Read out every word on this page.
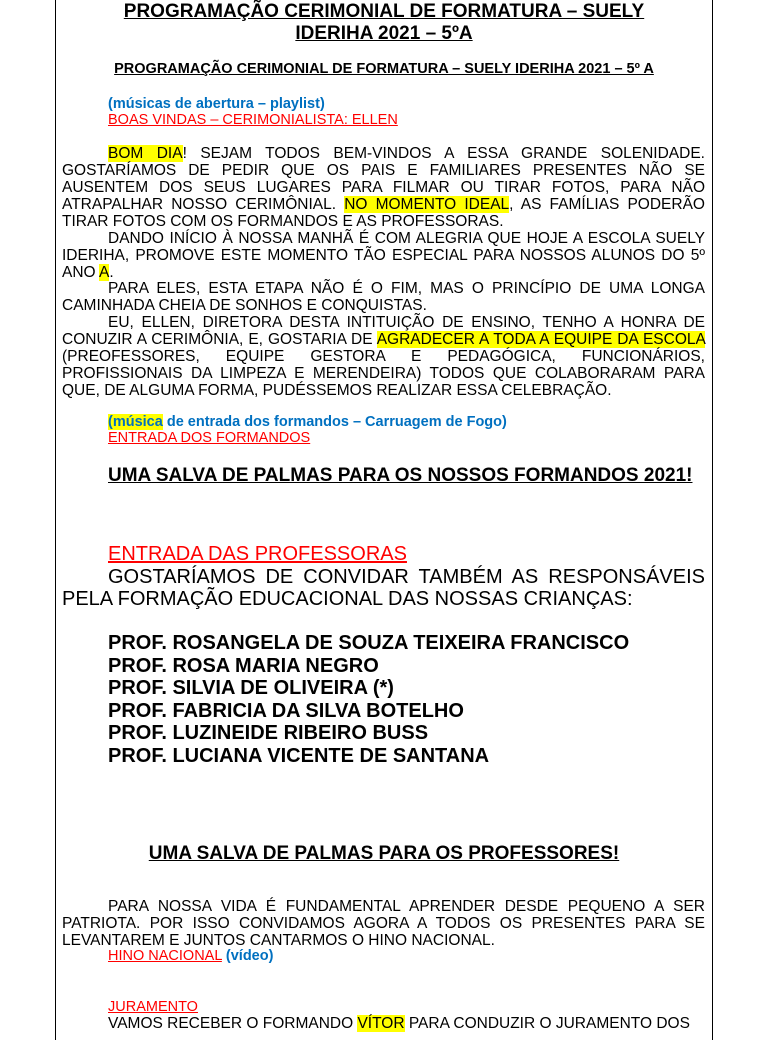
PROGRAMAÇÃO CERIMONIAL DE FORMATURA – SUELY

IDERIHA 2021 – 5ºA

PROGRAMAÇÃO CERIMONIAL DE FORMATURA – SUELY IDERIHA 2021 – 5º A

(músicas de abertura – playlist)

BOAS VINDAS – CERIMONIALISTA: ELLEN

BOM DIA! SEJAM TODOS BEM-VINDOS A ESSA GRANDE SOLENIDADE. GOSTARÍAMOS DE PEDIR QUE OS PAIS E FAMILIARES PRESENTES NÃO SE AUSENTEM DOS SEUS LUGARES PARA FILMAR OU TIRAR FOTOS, PARA NÃO ATRAPALHAR NOSSO CERIMÔNIAL. NO MOMENTO IDEAL, AS FAMÍLIAS PODERÃO TIRAR FOTOS COM OS FORMANDOS E AS PROFESSORAS.

DANDO INÍCIO À NOSSA MANHÃ É COM ALEGRIA QUE HOJE A ESCOLA SUELY IDERIHA, PROMOVE ESTE MOMENTO TÃO ESPECIAL PARA NOSSOS ALUNOS DO 5º ANO A.

PARA ELES, ESTA ETAPA NÃO É O FIM, MAS O PRINCÍPIO DE UMA LONGA CAMINHADA CHEIA DE SONHOS E CONQUISTAS.

EU, ELLEN, DIRETORA DESTA INTITUIÇÃO DE ENSINO, TENHO A HONRA DE CONUZIR A CERIMÔNIA, E, GOSTARIA DE AGRADECER A TODA A EQUIPE DA ESCOLA (PREOFESSORES, EQUIPE GESTORA E PEDAGÓGICA, FUNCIONÁRIOS, PROFISSIONAIS DA LIMPEZA E MERENDEIRA) TODOS QUE COLABORARAM PARA QUE, DE ALGUMA FORMA, PUDÉSSEMOS REALIZAR ESSA CELEBRAÇÃO.

(música de entrada dos formandos – Carruagem de Fogo)

ENTRADA DOS FORMANDOS

UMA SALVA DE PALMAS PARA OS NOSSOS FORMANDOS 2021!

ENTRADA DAS PROFESSORAS

GOSTARÍAMOS DE CONVIDAR TAMBÉM AS RESPONSÁVEIS PELA FORMAÇÃO EDUCACIONAL DAS NOSSAS CRIANÇAS:

PROF. ROSANGELA DE SOUZA TEIXEIRA FRANCISCO

PROF. ROSA MARIA NEGRO

PROF. SILVIA DE OLIVEIRA (*)

PROF. FABRICIA DA SILVA BOTELHO

PROF. LUZINEIDE RIBEIRO BUSS

PROF. LUCIANA VICENTE DE SANTANA

UMA SALVA DE PALMAS PARA OS PROFESSORES!

PARA NOSSA VIDA É FUNDAMENTAL APRENDER DESDE PEQUENO A SER PATRIOTA. POR ISSO CONVIDAMOS AGORA A TODOS OS PRESENTES PARA SE LEVANTAREM E JUNTOS CANTARMOS O HINO NACIONAL.

HINO NACIONAL (vídeo)

JURAMENTO

VAMOS RECEBER O FORMANDO VÍTOR PARA CONDUZIR O JURAMENTO DOS
